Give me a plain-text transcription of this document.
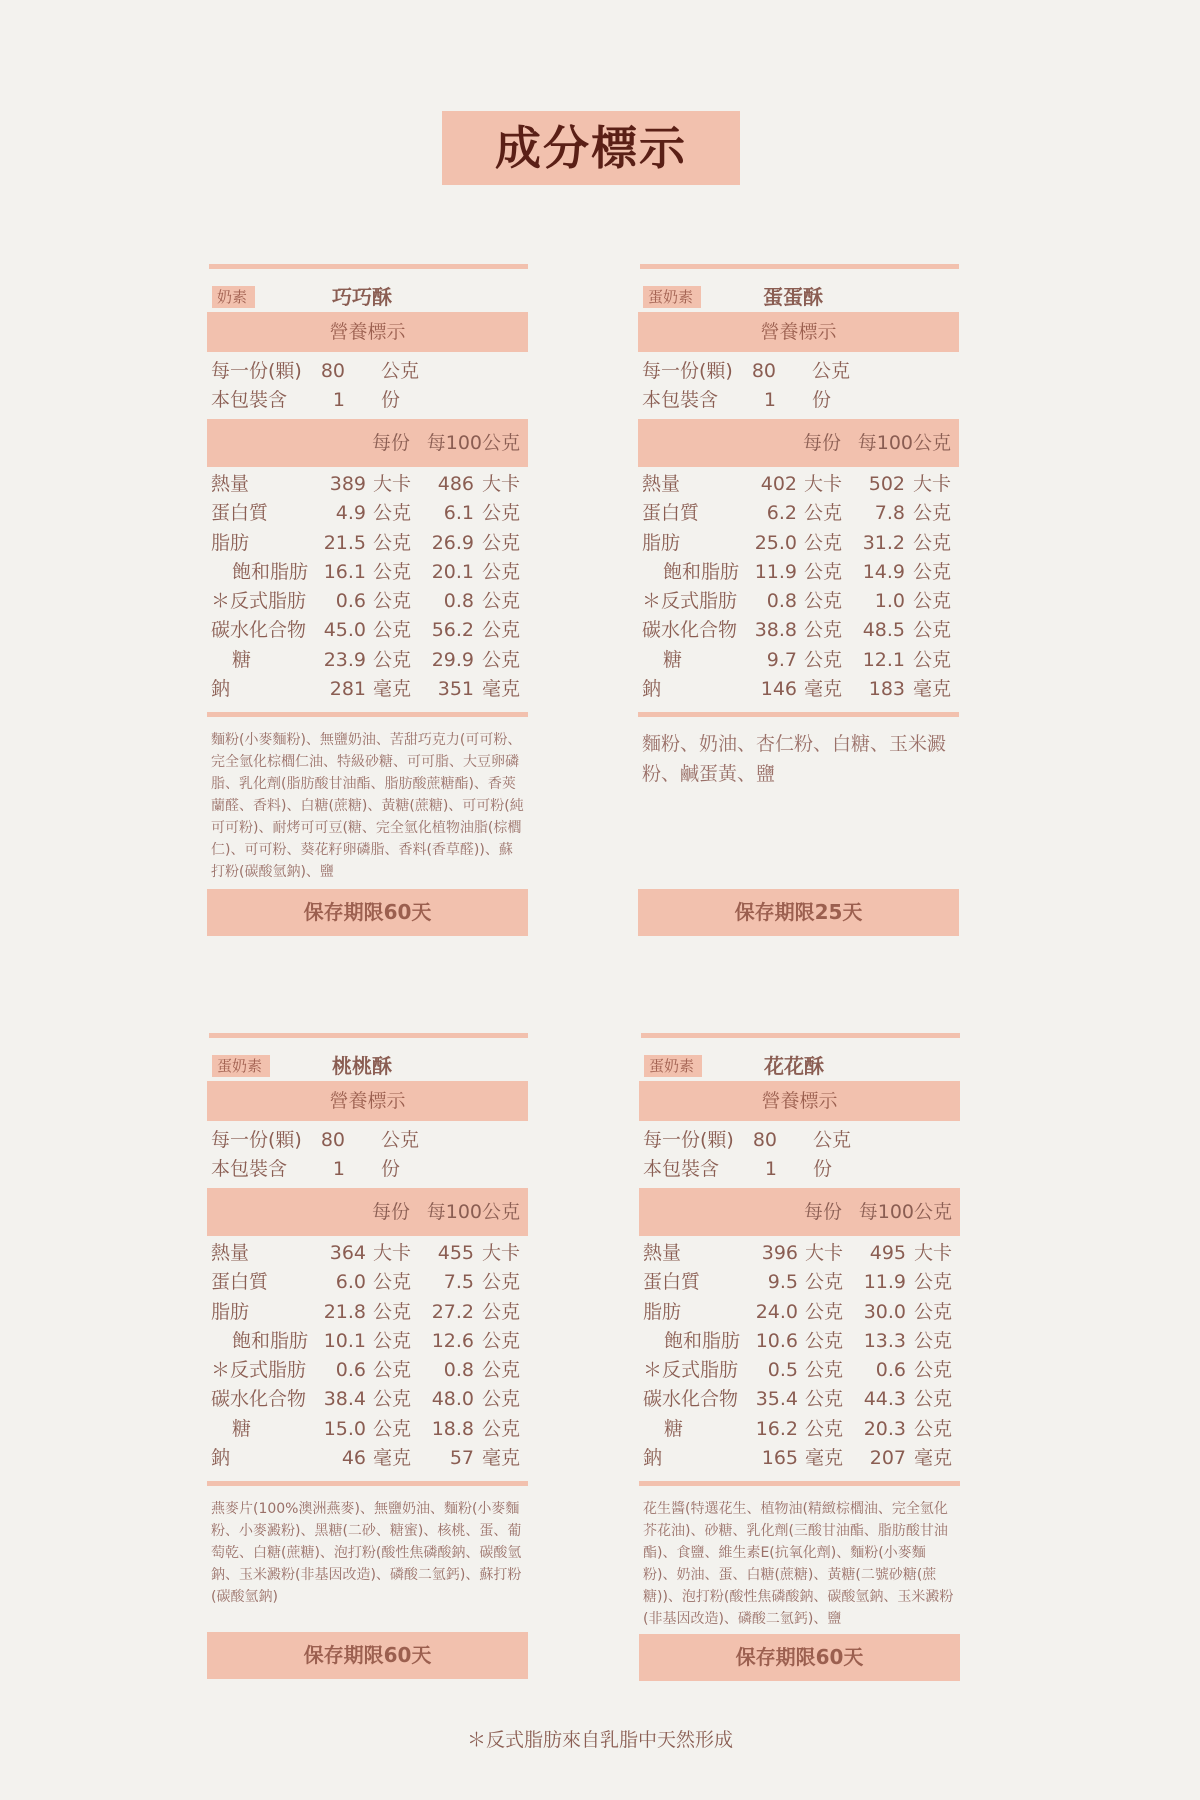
成分標示
奶素	巧巧酥
營養標示
每一份(顆) 80 公克
本包裝含 1 份
每份 每100公克
熱量	389 大卡 486 大卡
蛋白質	4.9 公克 6.1 公克
脂肪	21.5 公克 26.9 公克
飽和脂肪 16.1 公克 20.1 公克
＊反式脂肪 0.6 公克 0.8 公克
碳水化合物 45.0 公克 56.2 公克
糖	23.9 公克 29.9 公克
鈉	281 毫克 351 毫克
麵粉(小麥麵粉)、無鹽奶油、苦甜巧克力(可可粉、完全氫化棕櫚仁油、特級砂糖、可可脂、大豆卵磷脂、乳化劑(脂肪酸甘油酯、脂肪酸蔗糖酯)、香莢蘭醛、香料)、白糖(蔗糖)、黃糖(蔗糖)、可可粉(純可可粉)、耐烤可可豆(糖、完全氫化植物油脂(棕櫚仁)、可可粉、葵花籽卵磷脂、香料(香草醛))、蘇打粉(碳酸氫鈉)、鹽
保存期限60天
蛋奶素	蛋蛋酥
營養標示
每一份(顆) 80 公克
本包裝含 1 份
每份 每100公克
熱量	402 大卡 502 大卡
蛋白質	6.2 公克 7.8 公克
脂肪	25.0 公克 31.2 公克
飽和脂肪 11.9 公克 14.9 公克
＊反式脂肪 0.8 公克 1.0 公克
碳水化合物 38.8 公克 48.5 公克
糖	9.7 公克 12.1 公克
鈉	146 毫克 183 毫克
麵粉、奶油、杏仁粉、白糖、玉米澱粉、鹹蛋黃、鹽
保存期限25天
蛋奶素	桃桃酥
營養標示
每一份(顆) 80 公克
本包裝含 1 份
每份 每100公克
熱量	364 大卡 455 大卡
蛋白質	6.0 公克 7.5 公克
脂肪	21.8 公克 27.2 公克
飽和脂肪 10.1 公克 12.6 公克
＊反式脂肪 0.6 公克 0.8 公克
碳水化合物 38.4 公克 48.0 公克
糖	15.0 公克 18.8 公克
鈉	46 毫克 57 毫克
燕麥片(100%澳洲燕麥)、無鹽奶油、麵粉(小麥麵粉、小麥澱粉)、黑糖(二砂、糖蜜)、核桃、蛋、葡萄乾、白糖(蔗糖)、泡打粉(酸性焦磷酸鈉、碳酸氫鈉、玉米澱粉(非基因改造)、磷酸二氫鈣)、蘇打粉(碳酸氫鈉)
保存期限60天
蛋奶素	花花酥
營養標示
每一份(顆) 80 公克
本包裝含 1 份
每份 每100公克
熱量	396 大卡 495 大卡
蛋白質	9.5 公克 11.9 公克
脂肪	24.0 公克 30.0 公克
飽和脂肪 10.6 公克 13.3 公克
＊反式脂肪 0.5 公克 0.6 公克
碳水化合物 35.4 公克 44.3 公克
糖	16.2 公克 20.3 公克
鈉	165 毫克 207 毫克
花生醬(特選花生、植物油(精緻棕櫚油、完全氫化芥花油)、砂糖、乳化劑(三酸甘油酯、脂肪酸甘油酯)、食鹽、維生素E(抗氧化劑)、麵粉(小麥麵粉)、奶油、蛋、白糖(蔗糖)、黃糖(二號砂糖(蔗糖))、泡打粉(酸性焦磷酸鈉、碳酸氫鈉、玉米澱粉(非基因改造)、磷酸二氫鈣)、鹽
保存期限60天
＊反式脂肪來自乳脂中天然形成
